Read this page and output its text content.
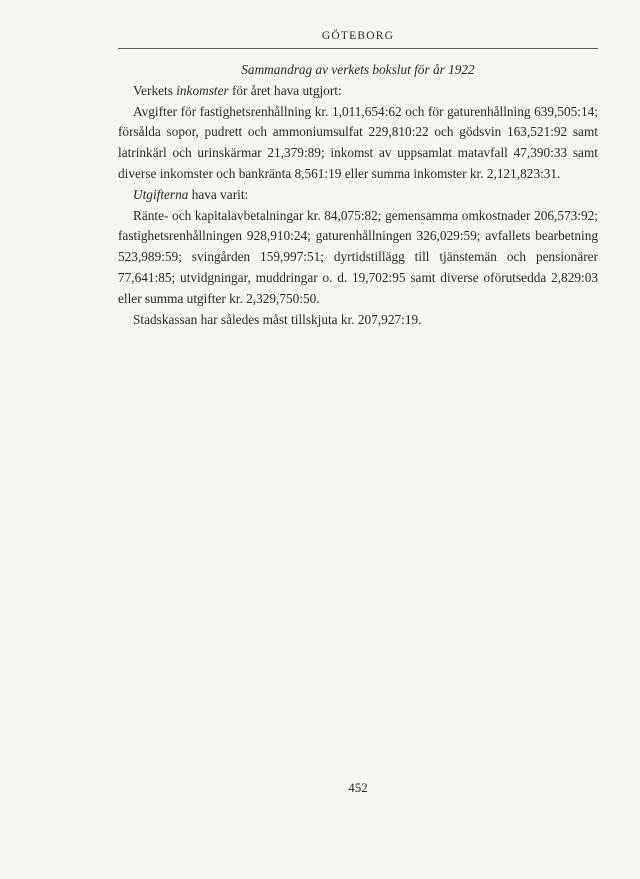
GÖTEBORG

Sammandrag av verkets bokslut för år 1922

Verkets inkomster för året hava utgjort:

Avgifter för fastighetsrenhållning kr. 1,011,654:62 och för gaturenhållning 639,505:14; försålda sopor, pudrett och ammoniumsulfat 229,810:22 och gödsvin 163,521:92 samt latrinkärl och urinskärmar 21,379:89; inkomst av uppsamlat matavfall 47,390:33 samt diverse inkomster och bankränta 8,561:19 eller summa inkomster kr. 2,121,823:31.

Utgifterna hava varit:

Ränte- och kapitalavbetalningar kr. 84,075:82; gemensamma omkostnader 206,573:92; fastighetsrenhållningen 928,910:24; gaturenhållningen 326,029:59; avfallets bearbetning 523,989:59; svingården 159,997:51; dyrtidstillägg till tjänstemän och pensionärer 77,641:85; utvidgningar, muddringar o. d. 19,702:95 samt diverse oförutsedda 2,829:03 eller summa utgifter kr. 2,329,750:50.

Stadskassan har således måst tillskjuta kr. 207,927:19.

452
